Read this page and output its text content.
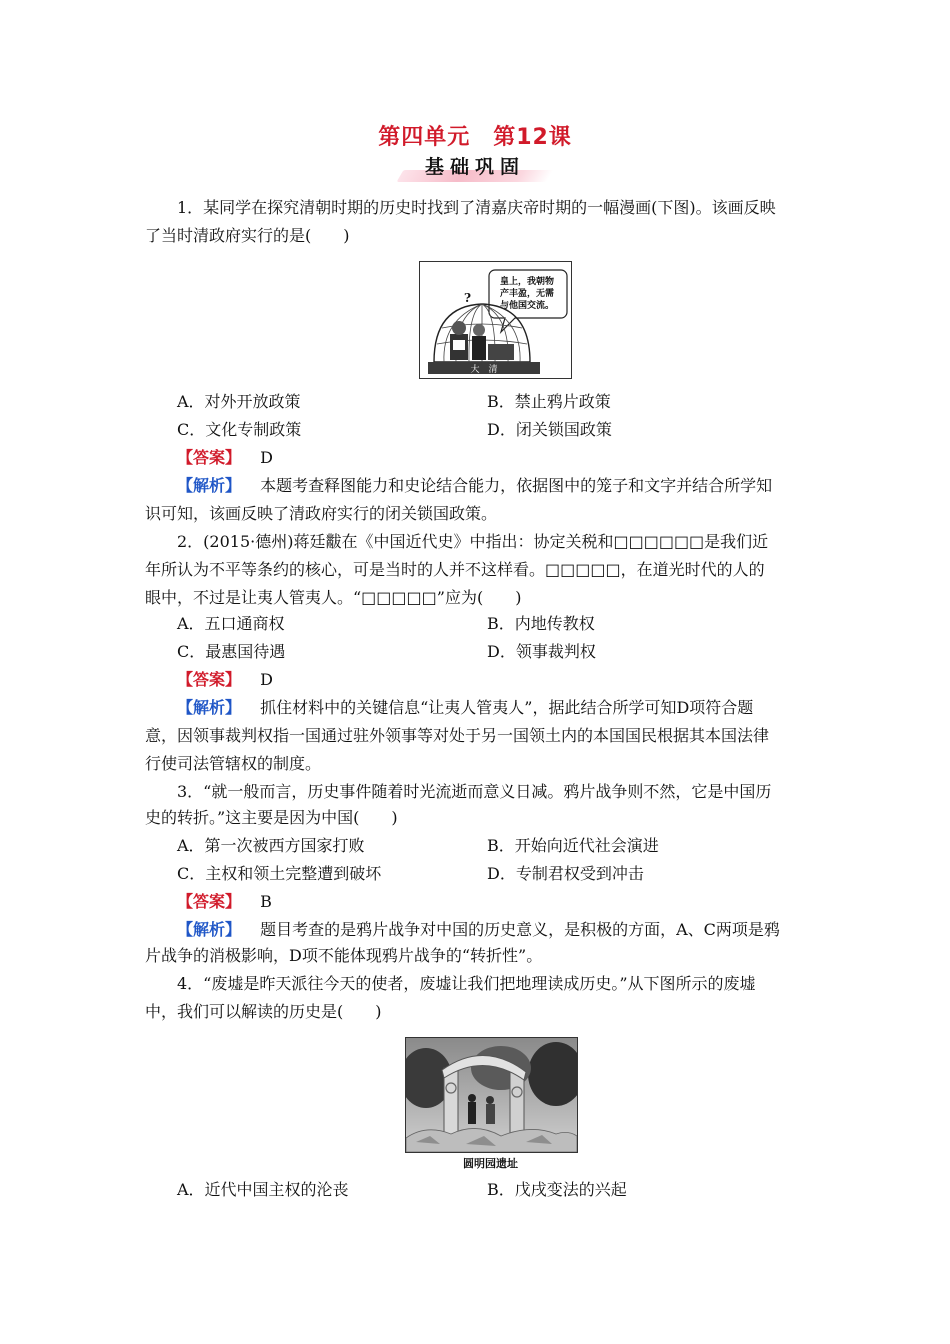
第四单元　第12课
基础巩固
1．某同学在探究清朝时期的历史时找到了清嘉庆帝时期的一幅漫画(下图)。该画反映
了当时清政府实行的是(　　)
皇上，我朝物
产丰盈，无需
与他国交流。
?
大　清
A．对外开放政策	B．禁止鸦片政策
C．文化专制政策	D．闭关锁国政策
【答案】 D
【解析】 本题考查释图能力和史论结合能力，依据图中的笼子和文字并结合所学知
识可知，该画反映了清政府实行的闭关锁国政策。
2．(2015·德州)蒋廷黻在《中国近代史》中指出：协定关税和□□□□□□是我们近
年所认为不平等条约的核心，可是当时的人并不这样看。□□□□□，在道光时代的人的
眼中，不过是让夷人管夷人。“□□□□□”应为(　　)
A．五口通商权	B．内地传教权
C．最惠国待遇	D．领事裁判权
【答案】 D
【解析】 抓住材料中的关键信息“让夷人管夷人”，据此结合所学可知D项符合题
意，因领事裁判权指一国通过驻外领事等对处于另一国领土内的本国国民根据其本国法律
行使司法管辖权的制度。
3．“就一般而言，历史事件随着时光流逝而意义日减。鸦片战争则不然，它是中国历
史的转折。”这主要是因为中国(　　)
A．第一次被西方国家打败	B．开始向近代社会演进
C．主权和领土完整遭到破坏	D．专制君权受到冲击
【答案】 B
【解析】 题目考查的是鸦片战争对中国的历史意义，是积极的方面，A、C两项是鸦
片战争的消极影响，D项不能体现鸦片战争的“转折性”。
4．“废墟是昨天派往今天的使者，废墟让我们把地理读成历史。”从下图所示的废墟
中，我们可以解读的历史是(　　)
圆明园遗址
A．近代中国主权的沦丧	B．戊戌变法的兴起
